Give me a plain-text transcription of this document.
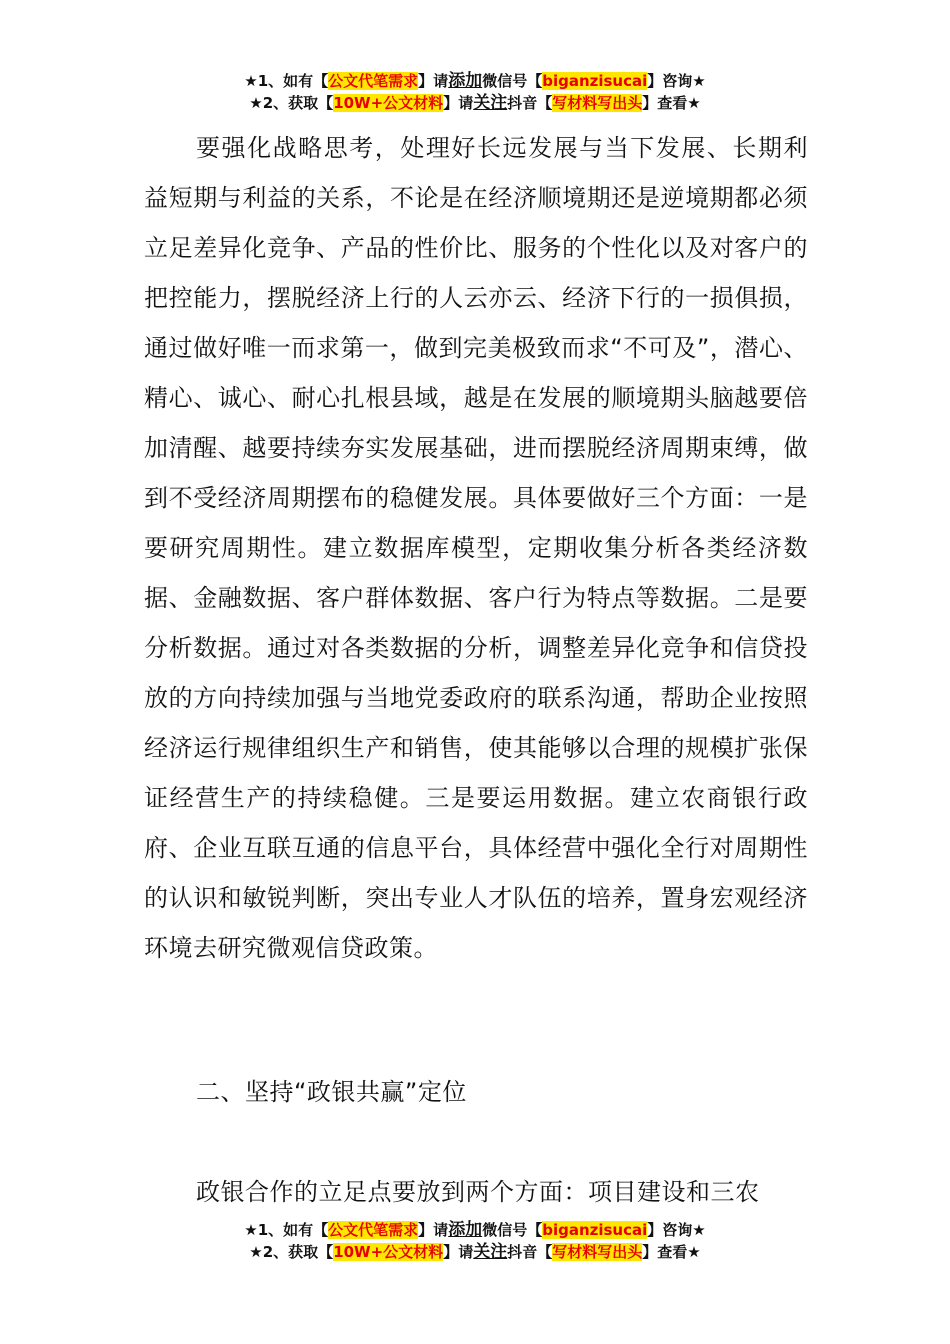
★1、如有【公文代笔需求】请添加微信号【biganzisucai】咨询★
★2、获取【10W+公文材料】请关注抖音【写材料写出头】查看★
要强化战略思考，处理好长远发展与当下发展、长期利益短期与利益的关系，不论是在经济顺境期还是逆境期都必须立足差异化竞争、产品的性价比、服务的个性化以及对客户的把控能力，摆脱经济上行的人云亦云、经济下行的一损俱损，通过做好唯一而求第一，做到完美极致而求“不可及”，潜心、精心、诚心、耐心扎根县域，越是在发展的顺境期头脑越要倍加清醒、越要持续夯实发展基础，进而摆脱经济周期束缚，做到不受经济周期摆布的稳健发展。具体要做好三个方面：一是要研究周期性。建立数据库模型，定期收集分析各类经济数据、金融数据、客户群体数据、客户行为特点等数据。二是要分析数据。通过对各类数据的分析，调整差异化竞争和信贷投放的方向持续加强与当地党委政府的联系沟通，帮助企业按照经济运行规律组织生产和销售，使其能够以合理的规模扩张保证经营生产的持续稳健。三是要运用数据。建立农商银行政府、企业互联互通的信息平台，具体经营中强化全行对周期性的认识和敏锐判断，突出专业人才队伍的培养，置身宏观经济环境去研究微观信贷政策。
二、坚持“政银共赢”定位
政银合作的立足点要放到两个方面：项目建设和三农
★1、如有【公文代笔需求】请添加微信号【biganzisucai】咨询★
★2、获取【10W+公文材料】请关注抖音【写材料写出头】查看★
